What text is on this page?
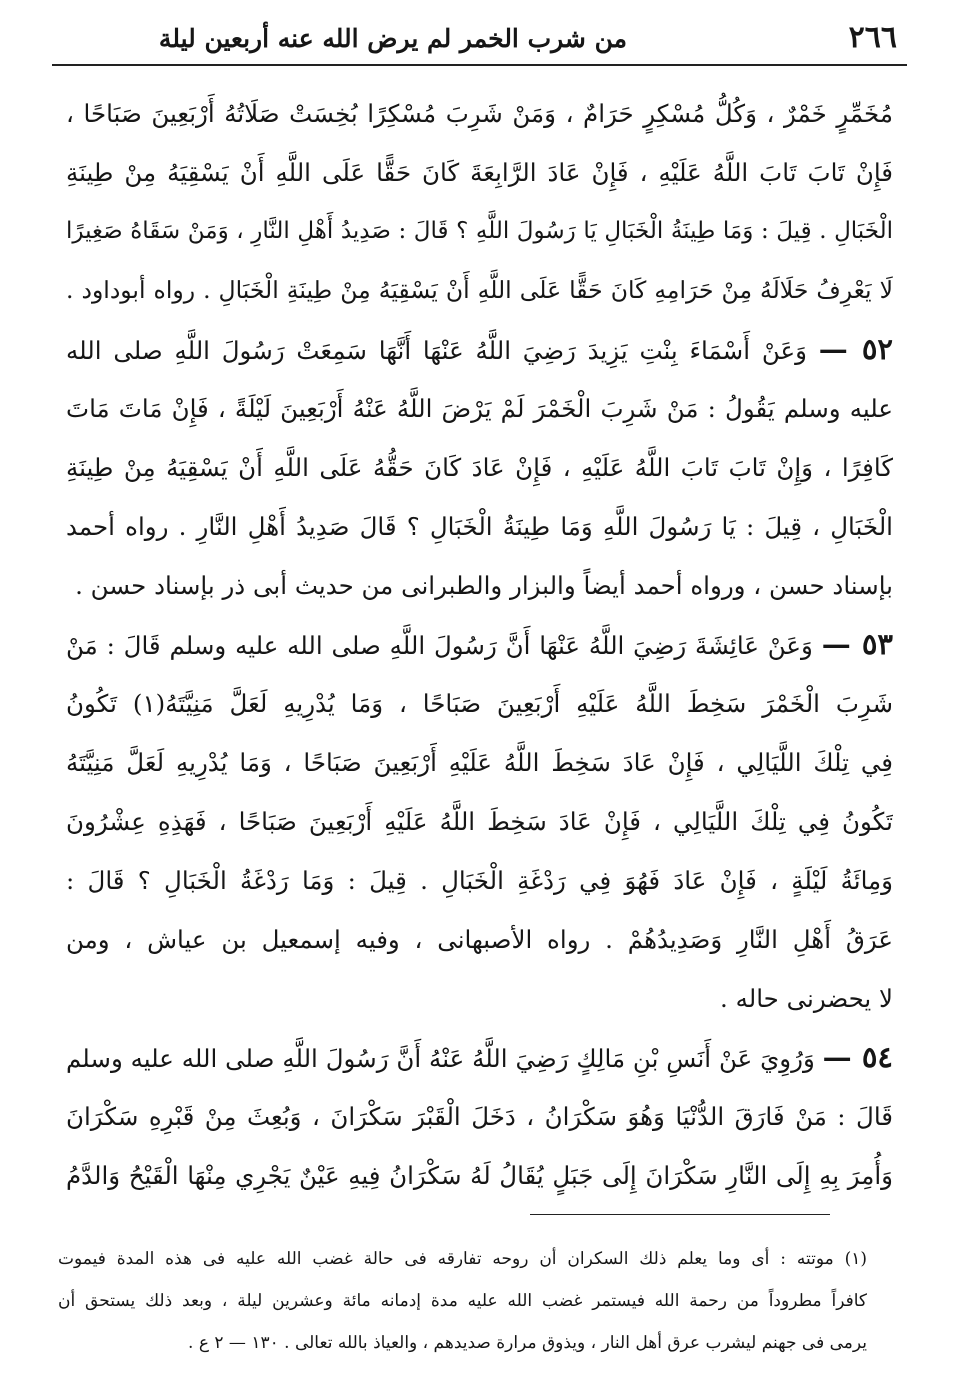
٢٦٦
من شرب الخمر لم يرض الله عنه أربعين ليلة
مُخَمِّرٍ خَمْرٌ ، وَكُلُّ مُسْكِرٍ حَرَامٌ ، وَمَنْ شَرِبَ مُسْكِرًا بُخِسَتْ صَلَاتُهُ أَرْبَعِينَ صَبَاحًا ،
فَإِنْ تَابَ تَابَ اللَّهُ عَلَيْهِ ، فَإِنْ عَادَ الرَّابِعَةَ كَانَ حَقًّا عَلَى اللَّهِ أَنْ يَسْقِيَهُ مِنْ طِينَةِ
الْخَبَالِ . قِيلَ : وَمَا طِينَةُ الْخَبَالِ يَا رَسُولَ اللَّهِ ؟ قَالَ : صَدِيدُ أَهْلِ النَّارِ ، وَمَنْ سَقَاهُ صَغِيرًا
لَا يَعْرِفُ حَلَالَهُ مِنْ حَرَامِهِ كَانَ حَقًّا عَلَى اللَّهِ أَنْ يَسْقِيَهُ مِنْ طِينَةِ الْخَبَالِ . رواه أبوداود .
٥٢ — وَعَنْ أَسْمَاءَ بِنْتِ يَزِيدَ رَضِيَ اللَّهُ عَنْهَا أَنَّهَا سَمِعَتْ رَسُولَ اللَّهِ صلى الله
عليه وسلم يَقُولُ : مَنْ شَرِبَ الْخَمْرَ لَمْ يَرْضَ اللَّهُ عَنْهُ أَرْبَعِينَ لَيْلَةً ، فَإِنْ مَاتَ مَاتَ
كَافِرًا ، وَإِنْ تَابَ تَابَ اللَّهُ عَلَيْهِ ، فَإِنْ عَادَ كَانَ حَقُّهُ عَلَى اللَّهِ أَنْ يَسْقِيَهُ مِنْ طِينَةِ
الْخَبَالِ ، قِيلَ : يَا رَسُولَ اللَّهِ وَمَا طِينَةُ الْخَبَالِ ؟ قَالَ صَدِيدُ أَهْلِ النَّارِ . رواه أحمد
بإسناد حسن ، ورواه أحمد أيضاً والبزار والطبرانى من حديث أبى ذر بإسناد حسن .
٥٣ — وَعَنْ عَائِشَةَ رَضِيَ اللَّهُ عَنْهَا أَنَّ رَسُولَ اللَّهِ صلى الله عليه وسلم قَالَ : مَنْ
شَرِبَ الْخَمْرَ سَخِطَ اللَّهُ عَلَيْهِ أَرْبَعِينَ صَبَاحًا ، وَمَا يُدْرِيهِ لَعَلَّ مَنِيَّتَهُ(١) تَكُونُ
فِي تِلْكَ اللَّيَالِي ، فَإِنْ عَادَ سَخِطَ اللَّهُ عَلَيْهِ أَرْبَعِينَ صَبَاحًا ، وَمَا يُدْرِيهِ لَعَلَّ مَنِيَّتَهُ
تَكُونُ فِي تِلْكَ اللَّيَالِي ، فَإِنْ عَادَ سَخِطَ اللَّهُ عَلَيْهِ أَرْبَعِينَ صَبَاحًا ، فَهَذِهِ عِشْرُونَ
وَمِائَةُ لَيْلَةٍ ، فَإِنْ عَادَ فَهُوَ فِي رَدْغَةِ الْخَبَالِ . قِيلَ : وَمَا رَدْغَةُ الْخَبَالِ ؟ قَالَ :
عَرَقُ أَهْلِ النَّارِ وَصَدِيدُهُمْ . رواه الأصبهانى ، وفيه إسمعيل بن عياش ، ومن
لا يحضرنى حاله .
٥٤ — وَرُوِيَ عَنْ أَنَسِ بْنِ مَالِكٍ رَضِيَ اللَّهُ عَنْهُ أَنَّ رَسُولَ اللَّهِ صلى الله عليه وسلم
قَالَ : مَنْ فَارَقَ الدُّنْيَا وَهُوَ سَكْرَانُ ، دَخَلَ الْقَبْرَ سَكْرَانَ ، وَبُعِثَ مِنْ قَبْرِهِ سَكْرَانَ
وَأُمِرَ بِهِ إِلَى النَّارِ سَكْرَانَ إِلَى جَبَلٍ يُقَالُ لَهُ سَكْرَانُ فِيهِ عَيْنٌ يَجْرِي مِنْهَا الْقَيْحُ وَالدَّمُ
(١) موتته : أى وما يعلم ذلك السكران أن روحه تفارقه فى حالة غضب الله عليه فى هذه المدة فيموت
كافراً مطروداً من رحمة الله فيستمر غضب الله عليه مدة إدمانه مائة وعشرين ليلة ، وبعد ذلك يستحق أن
يرمى فى جهنم ليشرب عرق أهل النار ، ويذوق مرارة صديدهم ، والعياذ بالله تعالى . ١٣٠ — ٢ ع .
